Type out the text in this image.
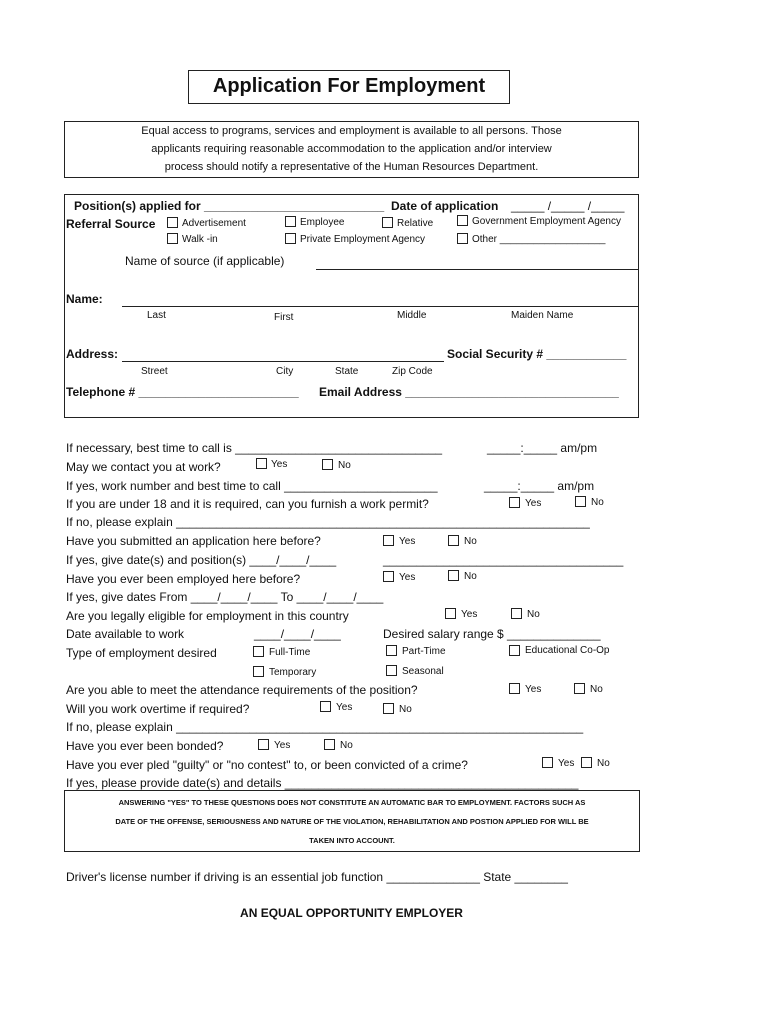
Application For Employment
Equal access to programs, services and employment is available to all persons. Those
applicants requiring reasonable accommodation to the application and/or interview
process should notify a representative of the Human Resources Department.
Position(s) applied for ___________________________ Date of application _____ /_____ /_____
Referral Source	Advertisement	Employee	Relative	Government Employment Agency
Walk -in	Private Employment Agency	Other ___________________
Name of source (if applicable)
Name:
Last	First	Middle	Maiden Name
Address:	Social Security # ____________
Street	City	State	Zip Code
Telephone # ________________________ Email Address ________________________________
If necessary, best time to call is _______________________________	_____:_____ am/pm
May we contact you at work?	Yes	No
If yes, work number and best time to call _______________________	_____:_____ am/pm
If you are under 18 and it is required, can you furnish a work permit?	Yes	No
If no, please explain ______________________________________________________________
Have you submitted an application here before?	Yes	No
If yes, give date(s) and position(s) ____/____/____	____________________________________
Have you ever been employed here before?	Yes	No
If yes, give dates From ____/____/____ To ____/____/____
Are you legally eligible for employment in this country	Yes	No
Date available to work	____/____/____	Desired salary range $ ______________
Type of employment desired	Full-Time	Part-Time	Educational Co-Op
Temporary	Seasonal
Are you able to meet the attendance requirements of the position?	Yes	No
Will you work overtime if required?	Yes	No
If no, please explain _____________________________________________________________
Have you ever been bonded?	Yes	No
Have you ever pled "guilty" or "no contest" to, or been convicted of a crime?	Yes No
If yes, please provide date(s) and details ____________________________________________
ANSWERING "YES" TO THESE QUESTIONS DOES NOT CONSTITUTE AN AUTOMATIC BAR TO EMPLOYMENT. FACTORS SUCH AS
DATE OF THE OFFENSE, SERIOUSNESS AND NATURE OF THE VIOLATION, REHABILITATION AND POSTION APPLIED FOR WILL BE
TAKEN INTO ACCOUNT.
Driver's license number if driving is an essential job function ______________ State ________
AN EQUAL OPPORTUNITY EMPLOYER
